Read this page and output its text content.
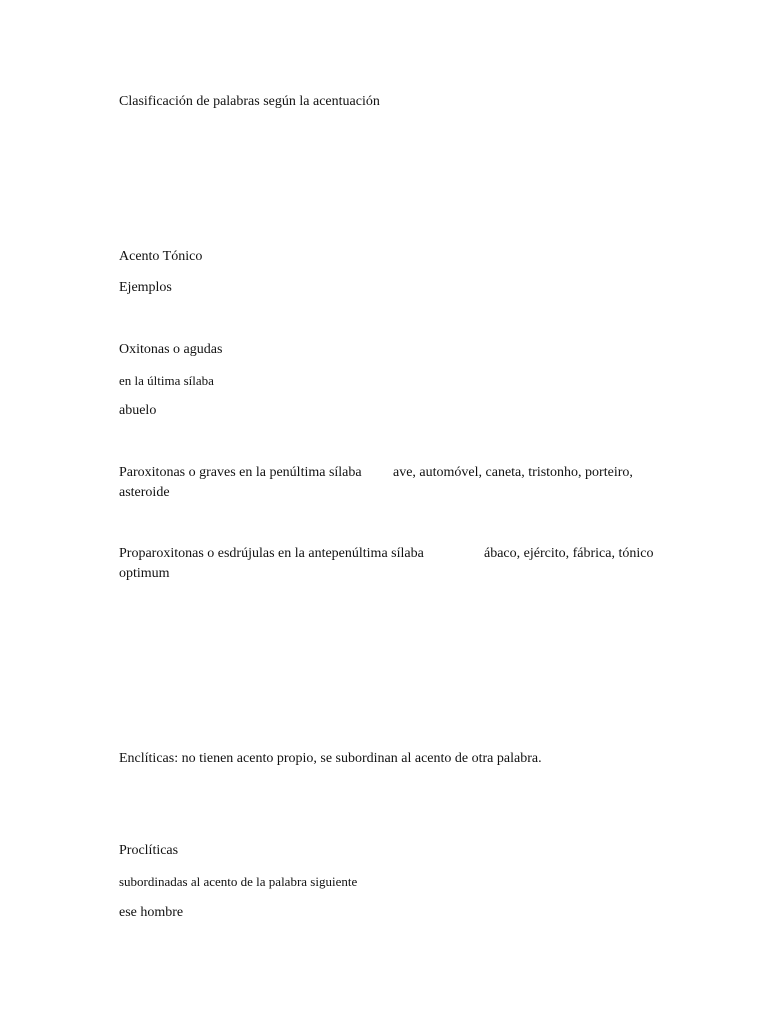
Clasificación de palabras según la acentuación
Acento Tónico
Ejemplos
Oxitonas o agudas
en la última sílaba
abuelo
Paroxitonas o graves en la penúltima sílaba ave, automóvel, caneta, tristonho, porteiro,
asteroide
Proparoxitonas o esdrújulas en la antepenúltima sílaba	ábaco, ejército, fábrica, tónico
optimum
Enclíticas: no tienen acento propio, se subordinan al acento de otra palabra.
Proclíticas
subordinadas al acento de la palabra siguiente
ese hombre
